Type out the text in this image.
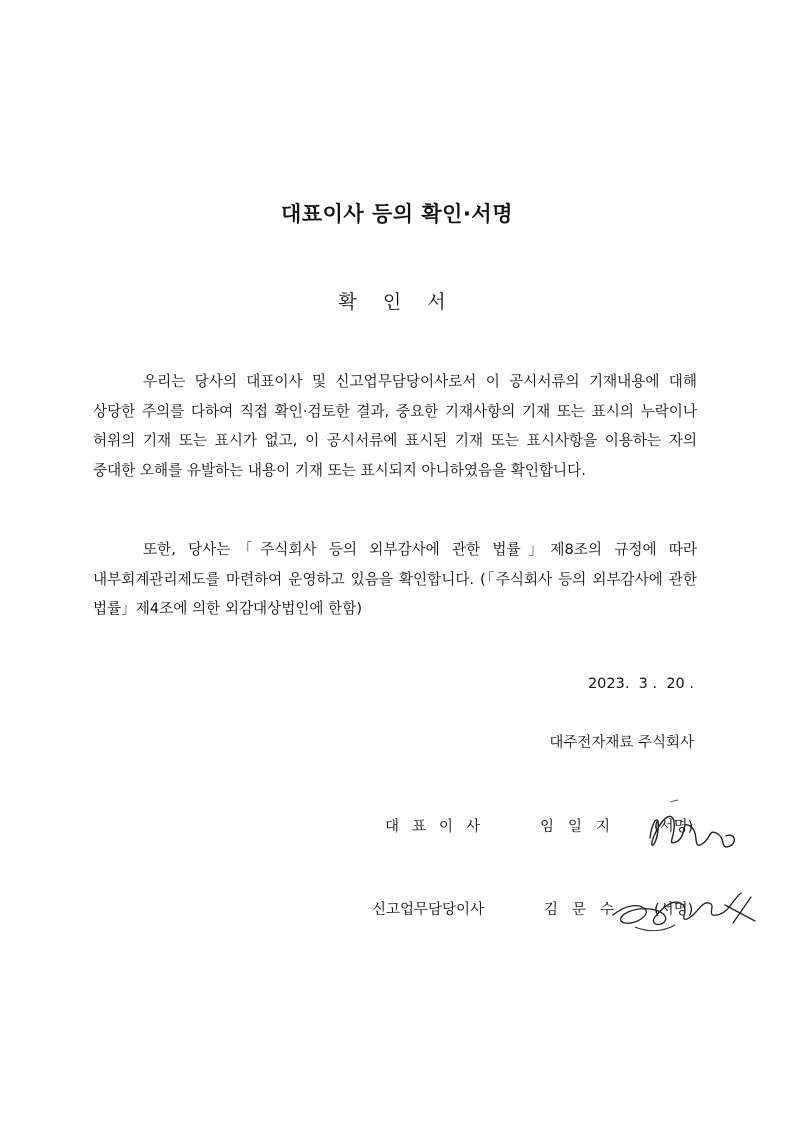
대표이사 등의 확인·서명
확 인 서

우리는 당사의 대표이사 및 신고업무담당이사로서 이 공시서류의 기재내용에 대해 상당한 주의를 다하여 직접 확인·검토한 결과, 중요한 기재사항의 기재 또는 표시의 누락이나 허위의 기재 또는 표시가 없고, 이 공시서류에 표시된 기재 또는 표시사항을 이용하는 자의 중대한 오해를 유발하는 내용이 기재 또는 표시되지 아니하였음을 확인합니다.

또한, 당사는「주식회사 등의 외부감사에 관한 법률」제8조의 규정에 따라 내부회계관리제도를 마련하여 운영하고 있음을 확인합니다. (「주식회사 등의 외부감사에 관한 법률」제4조에 의한 외감대상법인에 한함)

2023.  3 .  20 .
대주전자재료 주식회사
대표이사	임일지 (서명)
신고업무담당이사	김문수 (서명)
